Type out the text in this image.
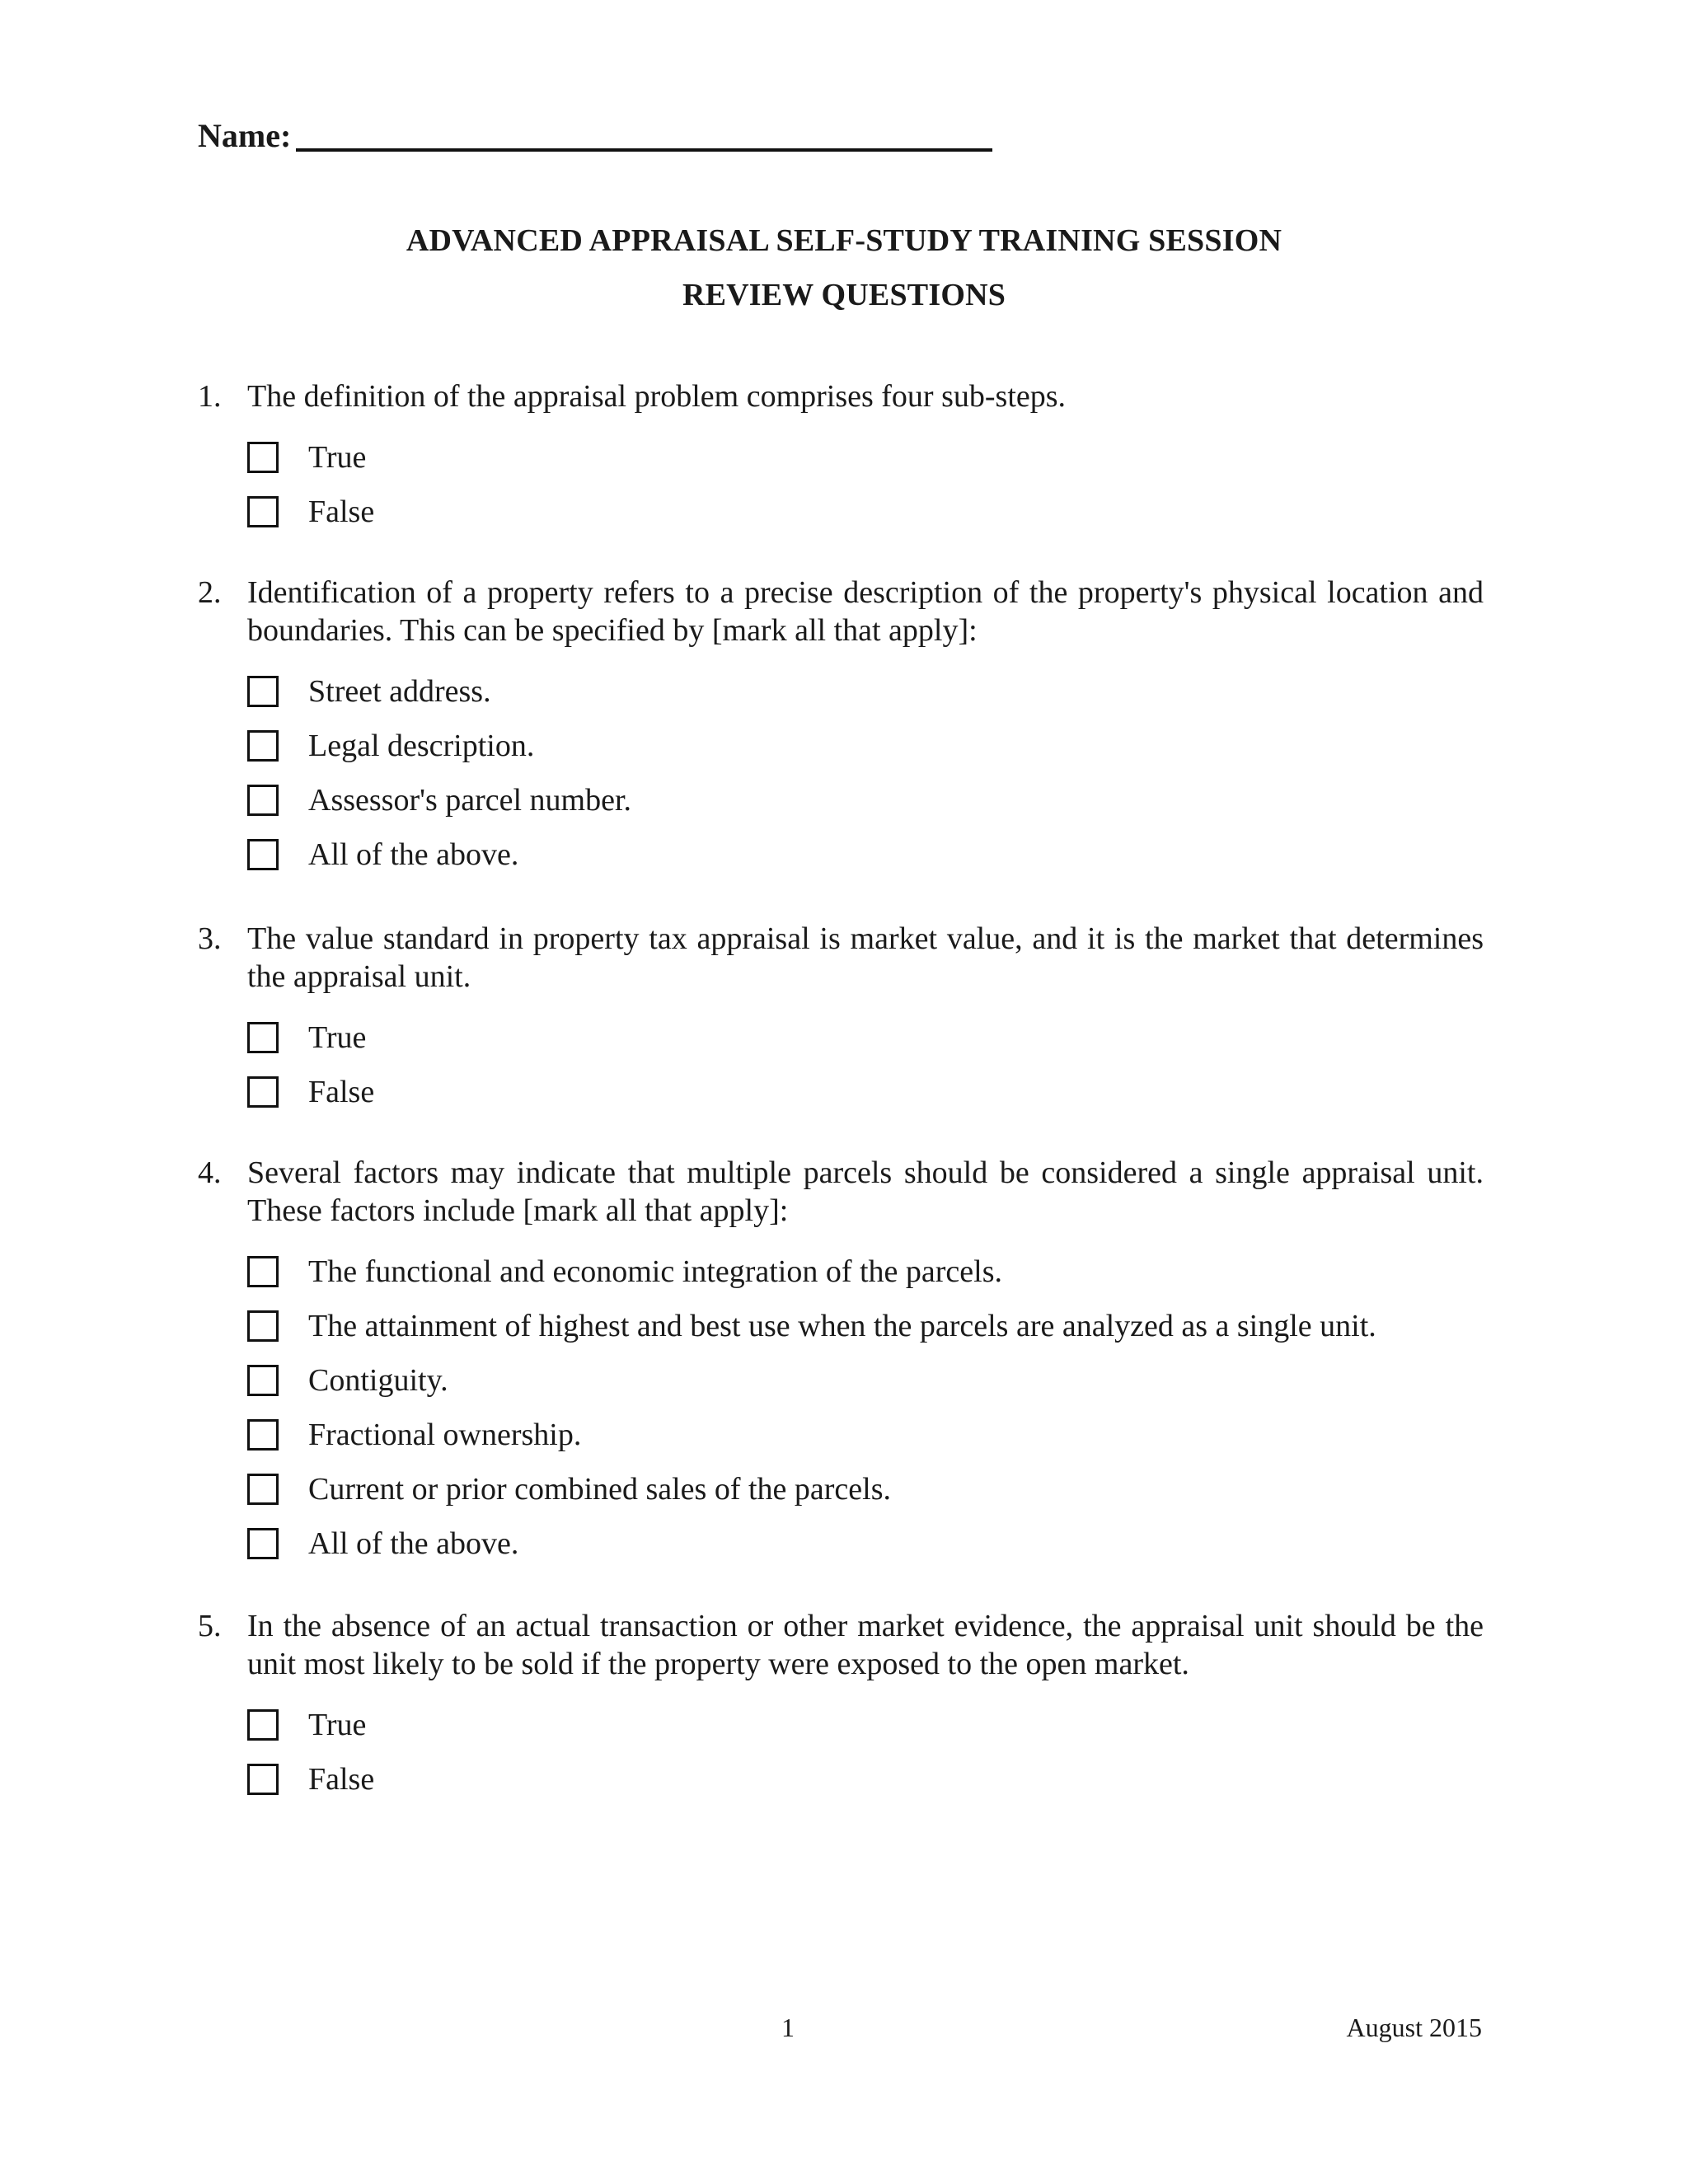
Name:
ADVANCED APPRAISAL SELF-STUDY TRAINING SESSION
REVIEW QUESTIONS
1. The definition of the appraisal problem comprises four sub-steps.
True
False
2. Identification of a property refers to a precise description of the property's physical location and boundaries. This can be specified by [mark all that apply]:
Street address.
Legal description.
Assessor's parcel number.
All of the above.
3. The value standard in property tax appraisal is market value, and it is the market that determines the appraisal unit.
True
False
4. Several factors may indicate that multiple parcels should be considered a single appraisal unit. These factors include [mark all that apply]:
The functional and economic integration of the parcels.
The attainment of highest and best use when the parcels are analyzed as a single unit.
Contiguity.
Fractional ownership.
Current or prior combined sales of the parcels.
All of the above.
5. In the absence of an actual transaction or other market evidence, the appraisal unit should be the unit most likely to be sold if the property were exposed to the open market.
True
False
1	August 2015
